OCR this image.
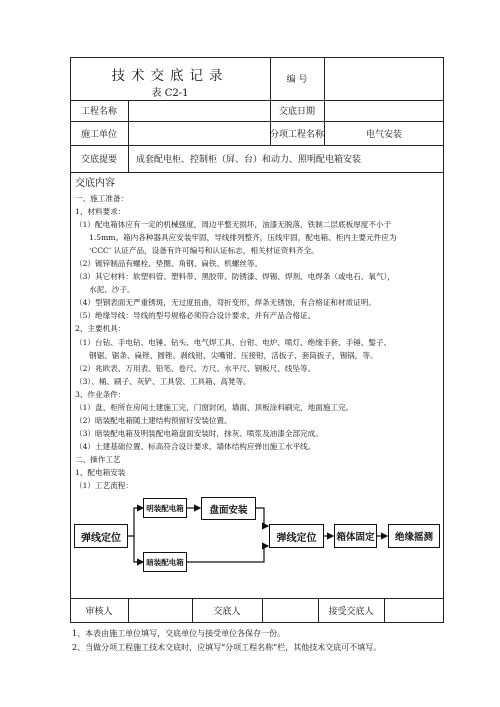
技术交底记录
表 C2-1
编 号
工程名称	交底日期
施工单位	分项工程名称	电气安装
交底提要	成套配电柜、控制柜（屏、台）和动力、照明配电箱安装
交底内容

一、施工准备：

1、材料要求：

（1）配电箱体应有一定的机械强度，周边平整无损坏，油漆无脱落，铁制二层底板厚度不小于

1.5mm。箱内各种器具应安装牢固，导线排列整齐，压线牢固，配电箱、柜内主要元件应为

‘CCC’ 认证产品，设备有许可编号和认证标志，相关材证资料齐全。

（2）镀锌制品有螺栓、垫圈、角钢、扁铁、机螺丝等。

（3）其它材料：软塑料管、塑料带、黑胶带、防锈漆、焊锡、焊剂、电焊条（或电石、氧气），

水泥、沙子。

（4）型钢表面无严重锈斑，无过度扭曲，弯折变形，焊条无锈蚀，有合格证和材质证明。

（5）绝缘导线：导线的型号规格必须符合设计要求，并有产品合格证。

2、主要机具：

（1）台钻、手电钻、电锤、钻头、电气焊工具、台钳、电炉、喷灯、绝缘手套、手锤、錾子、

钢锯、锯条、扁锉、圆锉、剥线钳、尖嘴钳、压接钳，活扳子、套筒扳子，锡锅，等。

（2）兆欧表、万用表、铅笔、卷尺、方尺、水平尺、钢板尺、线坠等。

（3）、桶、刷子、灰铲、工具袋、工具箱、高凳等。

3、作业条件：

（1）盘、柜所在房间土建施工完，门窗封闭，墙面、顶板涂料刷完，地面施工完。

（2）暗装配电箱随土建结构预留好安装位置。

（3）暗装配电箱及明装配电箱盘面安装时，抹灰、喷浆及油漆全部完成。

（4）土建基础位置、标高符合设计要求，墙体结构应弹出施工水平线。

二、操作工艺

1、配电箱安装

（1）工艺流程：

弹线定位
明装配电箱	盘面安装
暗装配电箱
弹线定位	箱体固定	绝缘摇测
审核人	交底人	接受交底人

1、本表由施工单位填写，交底单位与接受单位各保存一份。

2、当做分项工程施工技术交底时，应填写“分项工程名称”栏，其他技术交底可不填写。
